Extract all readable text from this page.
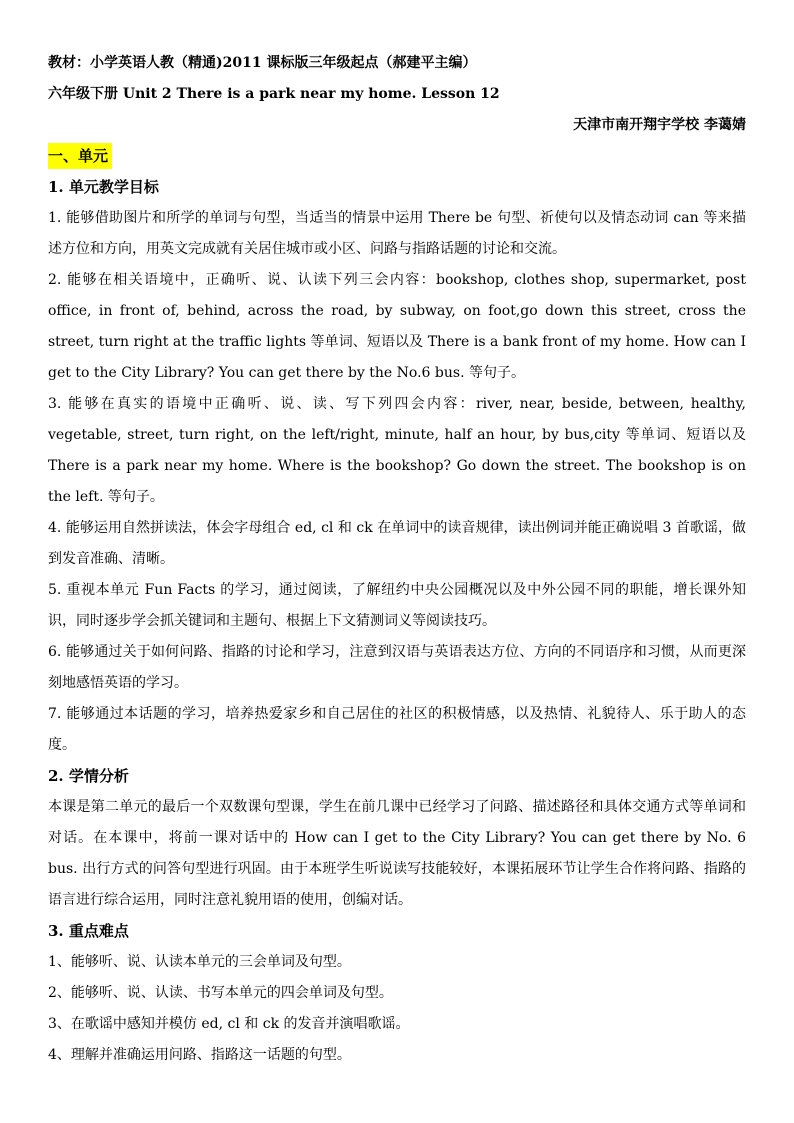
教材：小学英语人教（精通)2011 课标版三年级起点（郝建平主编）
六年级下册 Unit 2 There is a park near my home. Lesson 12
天津市南开翔宇学校 李蔼婧
一、单元
1. 单元教学目标
1. 能够借助图片和所学的单词与句型，当适当的情景中运用 There be 句型、祈使句以及情态动词 can 等来描述方位和方向，用英文完成就有关居住城市或小区、问路与指路话题的讨论和交流。
2. 能够在相关语境中，正确听、说、认读下列三会内容：bookshop, clothes shop, supermarket, post office, in front of, behind, across the road, by subway, on foot,go down this street, cross the street, turn right at the traffic lights 等单词、短语以及 There is a bank front of my home. How can I get to the City Library? You can get there by the No.6 bus. 等句子。
3. 能够在真实的语境中正确听、说、读、写下列四会内容：river, near, beside, between, healthy, vegetable, street, turn right, on the left/right, minute, half an hour, by bus,city 等单词、短语以及 There is a park near my home. Where is the bookshop? Go down the street. The bookshop is on the left. 等句子。
4. 能够运用自然拼读法，体会字母组合 ed, cl 和 ck 在单词中的读音规律，读出例词并能正确说唱 3 首歌谣，做到发音准确、清晰。
5. 重视本单元 Fun Facts 的学习，通过阅读，了解纽约中央公园概况以及中外公园不同的职能，增长课外知识，同时逐步学会抓关键词和主题句、根据上下文猜测词义等阅读技巧。
6. 能够通过关于如何问路、指路的讨论和学习，注意到汉语与英语表达方位、方向的不同语序和习惯，从而更深刻地感悟英语的学习。
7. 能够通过本话题的学习，培养热爱家乡和自己居住的社区的积极情感，以及热情、礼貌待人、乐于助人的态度。
2. 学情分析
本课是第二单元的最后一个双数课句型课，学生在前几课中已经学习了问路、描述路径和具体交通方式等单词和对话。在本课中，将前一课对话中的 How can I get to the City Library? You can get there by No. 6 bus. 出行方式的问答句型进行巩固。由于本班学生听说读写技能较好，本课拓展环节让学生合作将问路、指路的语言进行综合运用，同时注意礼貌用语的使用，创编对话。
3. 重点难点
1、能够听、说、认读本单元的三会单词及句型。
2、能够听、说、认读、书写本单元的四会单词及句型。
3、在歌谣中感知并模仿 ed, cl 和 ck 的发音并演唱歌谣。
4、理解并准确运用问路、指路这一话题的句型。
